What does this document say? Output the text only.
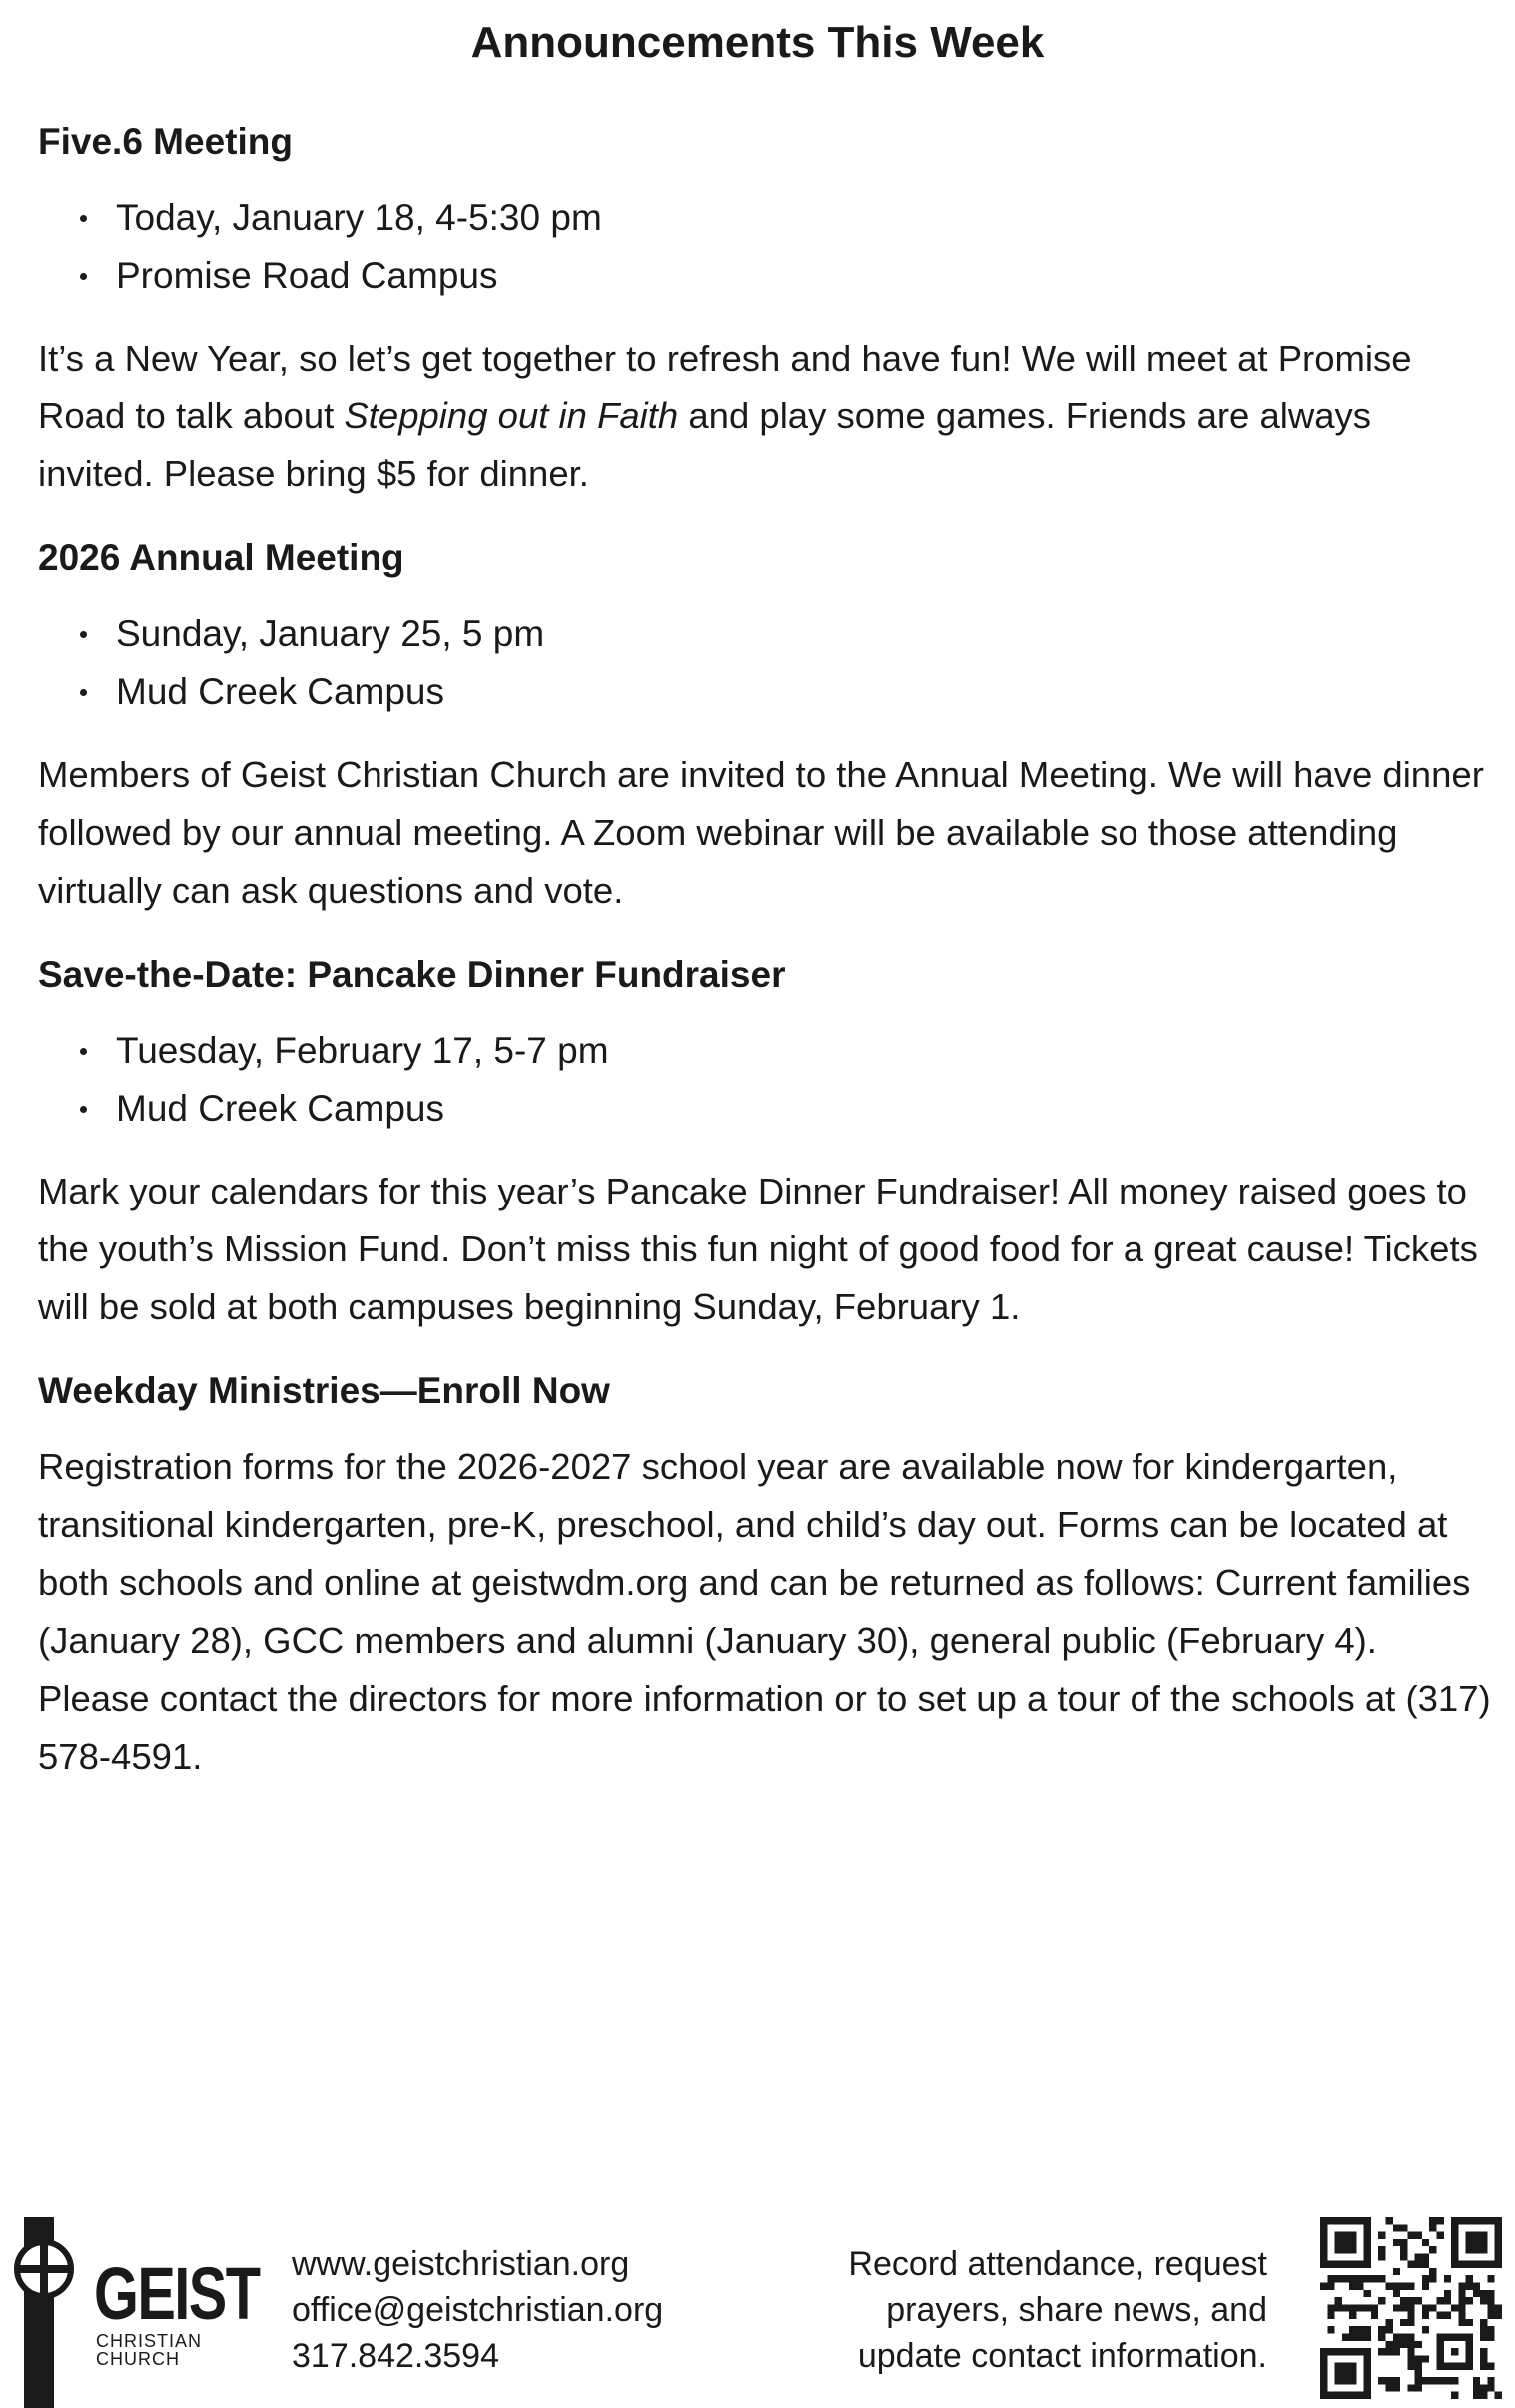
Announcements This Week
Five.6 Meeting
Today, January 18, 4-5:30 pm
Promise Road Campus

It’s a New Year, so let’s get together to refresh and have fun! We will meet at Promise Road to talk about Stepping out in Faith and play some games. Friends are always invited. Please bring $5 for dinner.

2026 Annual Meeting
Sunday, January 25, 5 pm
Mud Creek Campus

Members of Geist Christian Church are invited to the Annual Meeting. We will have dinner followed by our annual meeting. A Zoom webinar will be available so those attending virtually can ask questions and vote.

Save-the-Date: Pancake Dinner Fundraiser
Tuesday, February 17, 5-7 pm
Mud Creek Campus

Mark your calendars for this year’s Pancake Dinner Fundraiser! All money raised goes to the youth’s Mission Fund. Don’t miss this fun night of good food for a great cause! Tickets will be sold at both campuses beginning Sunday, February 1.

Weekday Ministries—Enroll Now

Registration forms for the 2026-2027 school year are available now for kindergarten, transitional kindergarten, pre-K, preschool, and child’s day out. Forms can be located at both schools and online at geistwdm.org and can be returned as follows: Current families (January 28), GCC members and alumni (January 30), general public (February 4). Please contact the directors for more information or to set up a tour of the schools at (317) 578-4591.

GEIST
CHRISTIAN
CHURCH
www.geistchristian.org
office@geistchristian.org
317.842.3594
Record attendance, request
prayers, share news, and
update contact information.
